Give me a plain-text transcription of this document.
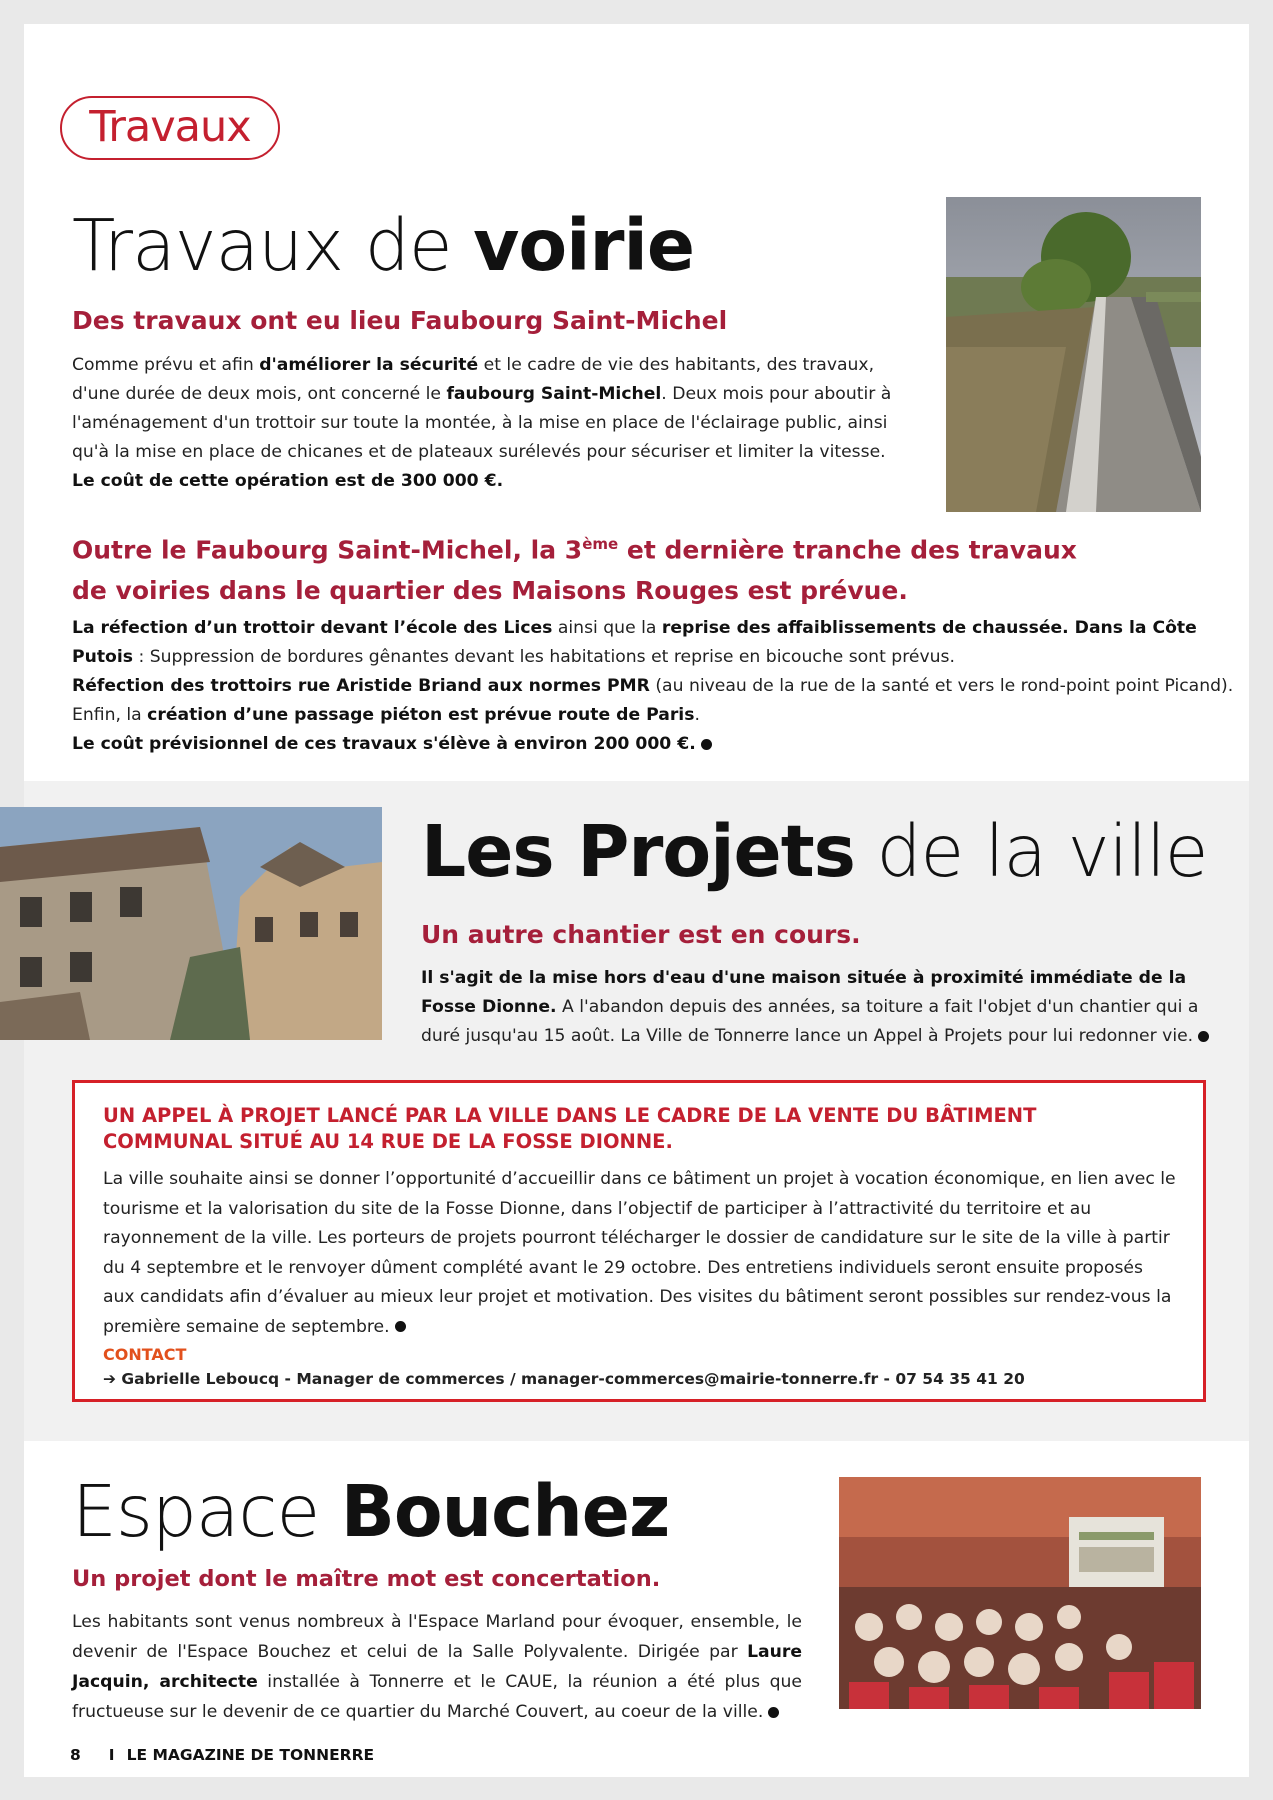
Travaux
Travaux de voirie
Des travaux ont eu lieu Faubourg Saint-Michel
Comme prévu et afin d'améliorer la sécurité et le cadre de vie des habitants, des travaux, d'une durée de deux mois, ont concerné le faubourg Saint-Michel. Deux mois pour aboutir à l'aménagement d'un trottoir sur toute la montée, à la mise en place de l'éclairage public, ainsi qu'à la mise en place de chicanes et de plateaux surélevés pour sécuriser et limiter la vitesse.
Le coût de cette opération est de 300 000 €.
Outre le Faubourg Saint-Michel, la 3ème et dernière tranche des travaux
de voiries dans le quartier des Maisons Rouges est prévue.
La réfection d’un trottoir devant l’école des Lices ainsi que la reprise des affaiblissements de chaussée. Dans la Côte Putois : Suppression de bordures gênantes devant les habitations et reprise en bicouche sont prévus.
Réfection des trottoirs rue Aristide Briand aux normes PMR (au niveau de la rue de la santé et vers le rond-point point Picand).
Enfin, la création d’une passage piéton est prévue route de Paris.
Le coût prévisionnel de ces travaux s'élève à environ 200 000 €.
Les Projets de la ville
Un autre chantier est en cours.
Il s'agit de la mise hors d'eau d'une maison située à proximité immédiate de la Fosse Dionne. A l'abandon depuis des années, sa toiture a fait l'objet d'un chantier qui a duré jusqu'au 15 août. La Ville de Tonnerre lance un Appel à Projets pour lui redonner vie.
UN APPEL À PROJET LANCÉ PAR LA VILLE DANS LE CADRE DE LA VENTE DU BÂTIMENT COMMUNAL SITUÉ AU 14 RUE DE LA FOSSE DIONNE.
La ville souhaite ainsi se donner l’opportunité d’accueillir dans ce bâtiment un projet à vocation économique, en lien avec le tourisme et la valorisation du site de la Fosse Dionne, dans l’objectif de participer à l’attractivité du territoire et au rayonnement de la ville. Les porteurs de projets pourront télécharger le dossier de candidature sur le site de la ville à partir du 4 septembre et le renvoyer dûment complété avant le 29 octobre. Des entretiens individuels seront ensuite proposés aux candidats afin d’évaluer au mieux leur projet et motivation. Des visites du bâtiment seront possibles sur rendez-vous la première semaine de septembre.
CONTACT
➔ Gabrielle Leboucq - Manager de commerces / manager-commerces@mairie-tonnerre.fr - 07 54 35 41 20
Espace Bouchez
Un projet dont le maître mot est concertation.
Les habitants sont venus nombreux à l'Espace Marland pour évoquer, ensemble, le devenir de l'Espace Bouchez et celui de la Salle Polyvalente. Dirigée par Laure Jacquin, architecte installée à Tonnerre et le CAUE, la réunion a été plus que fructueuse sur le devenir de ce quartier du Marché Couvert, au coeur de la ville.
8 I LE MAGAZINE DE TONNERRE
